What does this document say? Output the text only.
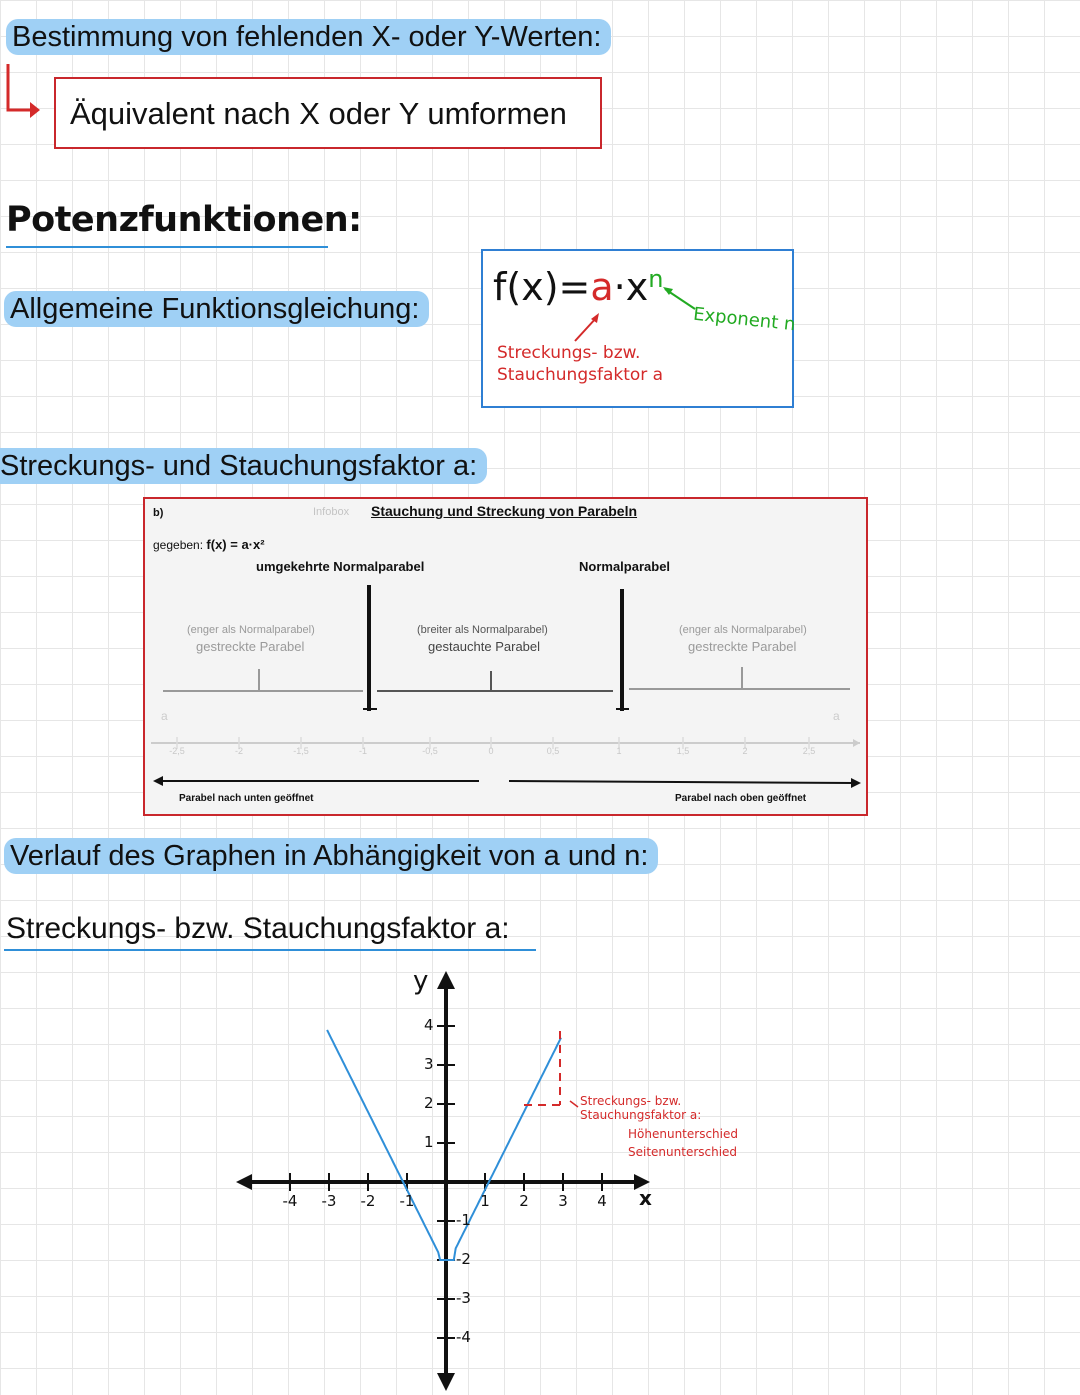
Bestimmung von fehlenden X- oder Y-Werten:
Äquivalent nach X oder Y umformen
Potenzfunktionen:
Allgemeine Funktionsgleichung: $f(x)=a\cdot x^n$
Exponent n
Streckungs- bzw.
Stauchungsfaktor a
Streckungs- und Stauchungsfaktor a:
b)	Infobox Stauchung und Streckung von Parabeln
gegeben: f(x) = a·x²
umgekehrte Normalparabel	Normalparabel
(enger als Normalparabel)
gestreckte Parabel
(breiter als Normalparabel)
gestauchte Parabel
(enger als Normalparabel)
gestreckte Parabel
a	a
-2,5	-2	-1,5	-1	-0,5	0	0,5	1	1,5	2	2,5
Parabel nach unten geöffnet	Parabel nach oben geöffnet
Verlauf des Graphen in Abhängigkeit von a und n:
Streckungs- bzw. Stauchungsfaktor a:
y
x
-4 -3 -2 -1	1 2 3 4
4
3
2
1
-1
-2
-3
-4
Streckungs- bzw.
Stauchungsfaktor a:
Höhenunterschied
Seitenunterschied
